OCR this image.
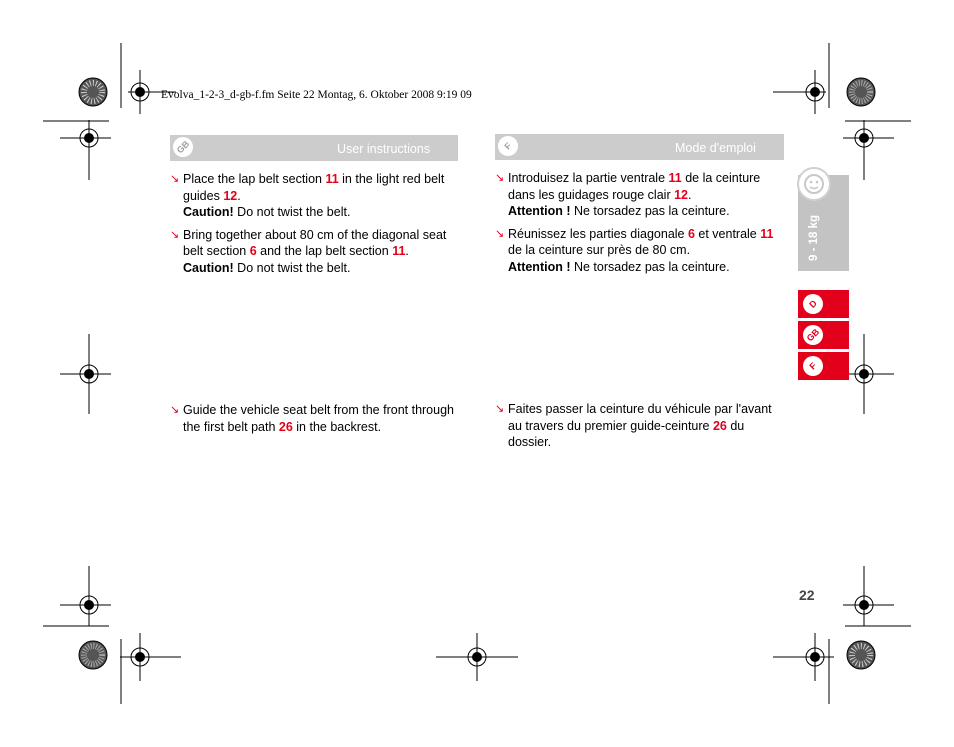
Evolva_1-2-3_d-gb-f.fm Seite 22 Montag, 6. Oktober 2008 9:19 09
GB	User instructions	F	Mode d'emploi
↘ Place the lap belt section 11 in the light red belt guides 12.
Caution! Do not twist the belt.
↘ Bring together about 80 cm of the diagonal seat belt section 6 and the lap belt section 11.
Caution! Do not twist the belt.
↘ Guide the vehicle seat belt from the front through the first belt path 26 in the backrest.
↘ Introduisez la partie ventrale 11 de la ceinture dans les guidages rouge clair 12.
Attention ! Ne torsadez pas la ceinture.
↘ Réunissez les parties diagonale 6 et ventrale 11 de la ceinture sur près de 80 cm.
Attention ! Ne torsadez pas la ceinture.
↘ Faites passer la ceinture du véhicule par l'avant au travers du premier guide-ceinture 26 du dossier.
9 - 18 kg
D
GB
F
22
